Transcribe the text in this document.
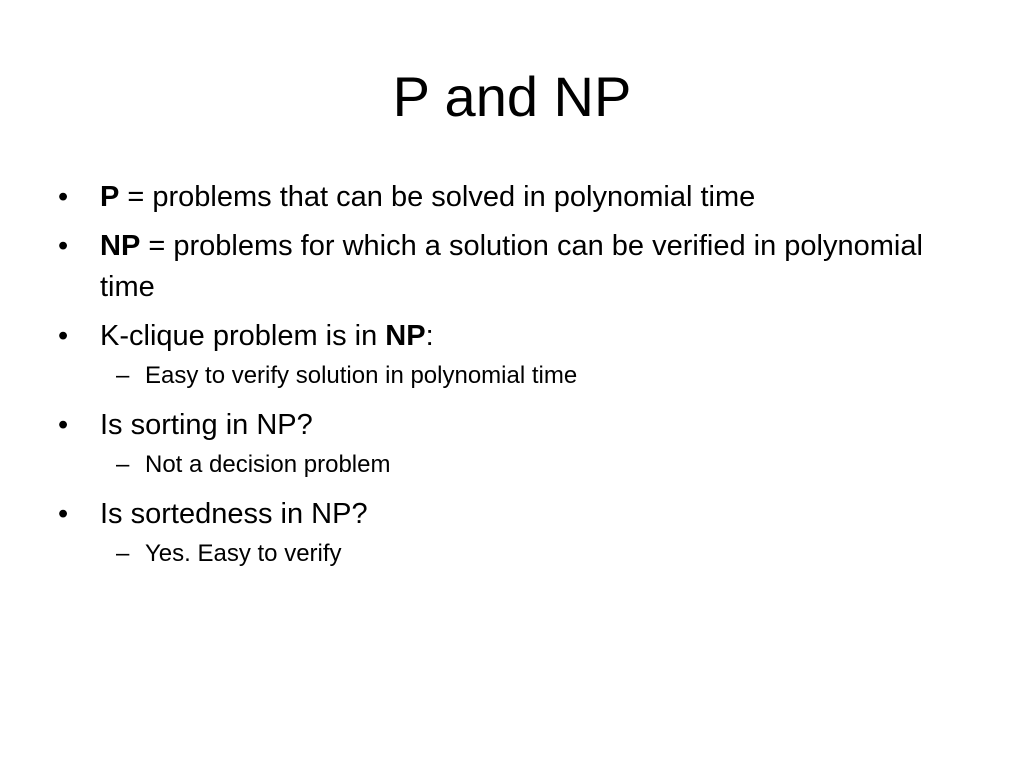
P and NP
•	P = problems that can be solved in polynomial time
•	NP = problems for which a solution can be verified in polynomial time
•	K-clique problem is in NP:
– Easy to verify solution in polynomial time
•	Is sorting in NP?
– Not a decision problem
•	Is sortedness in NP?
– Yes. Easy to verify
